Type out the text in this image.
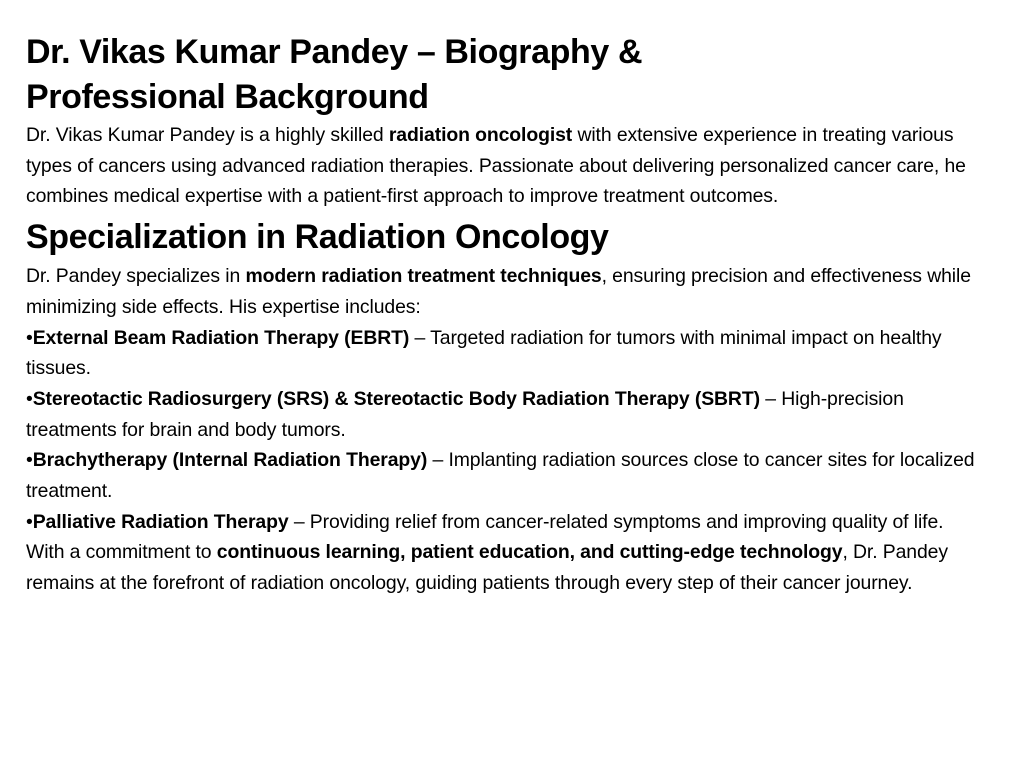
Dr. Vikas Kumar Pandey – Biography & Professional Background

Dr. Vikas Kumar Pandey is a highly skilled radiation oncologist with extensive experience in treating various types of cancers using advanced radiation therapies. Passionate about delivering personalized cancer care, he combines medical expertise with a patient-first approach to improve treatment outcomes.

Specialization in Radiation Oncology

Dr. Pandey specializes in modern radiation treatment techniques, ensuring precision and effectiveness while minimizing side effects. His expertise includes:

• External Beam Radiation Therapy (EBRT) – Targeted radiation for tumors with minimal impact on healthy tissues.

• Stereotactic Radiosurgery (SRS) & Stereotactic Body Radiation Therapy (SBRT) – High-precision treatments for brain and body tumors.

• Brachytherapy (Internal Radiation Therapy) – Implanting radiation sources close to cancer sites for localized treatment.

• Palliative Radiation Therapy – Providing relief from cancer-related symptoms and improving quality of life.

With a commitment to continuous learning, patient education, and cutting-edge technology, Dr. Pandey remains at the forefront of radiation oncology, guiding patients through every step of their cancer journey.
